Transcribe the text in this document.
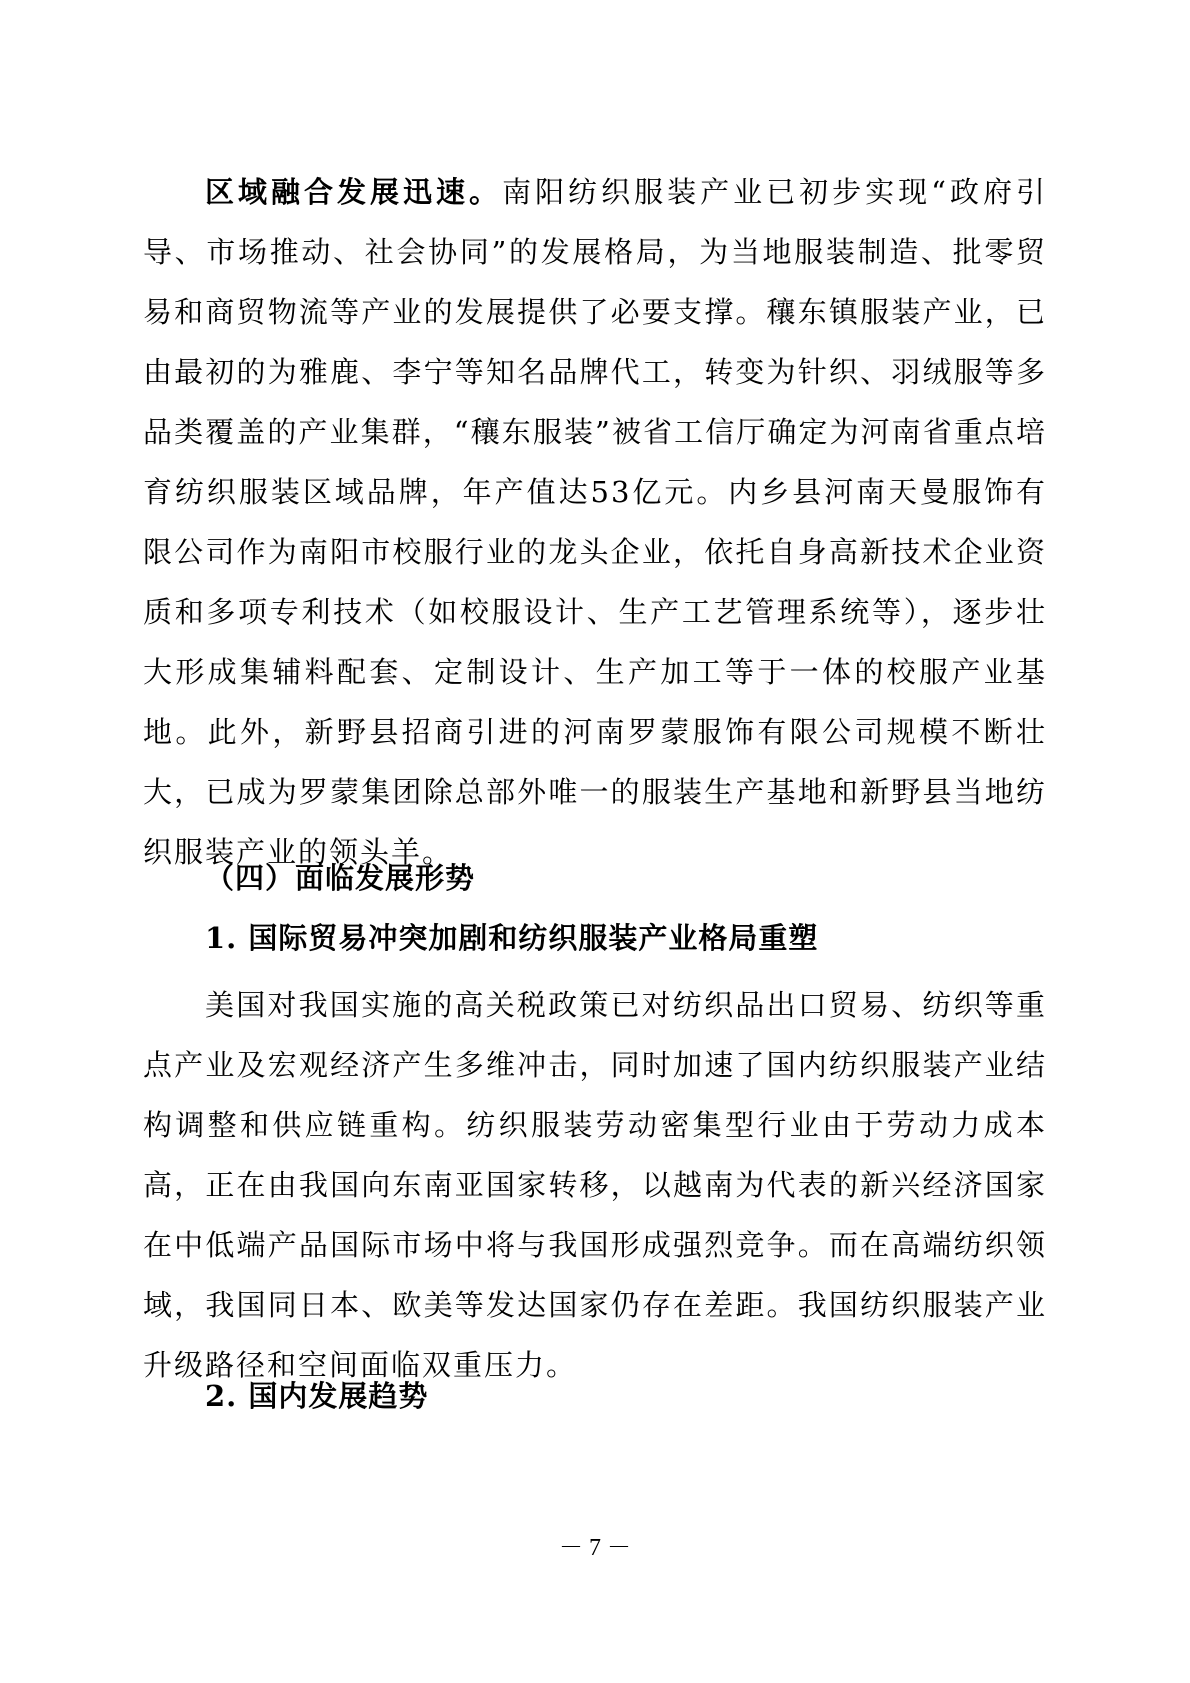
区域融合发展迅速。南阳纺织服装产业已初步实现“政府引导、市场推动、社会协同”的发展格局，为当地服装制造、批零贸易和商贸物流等产业的发展提供了必要支撑。穰东镇服装产业，已由最初的为雅鹿、李宁等知名品牌代工，转变为针织、羽绒服等多品类覆盖的产业集群，“穰东服装”被省工信厅确定为河南省重点培育纺织服装区域品牌，年产值达53亿元。内乡县河南天曼服饰有限公司作为南阳市校服行业的龙头企业，依托自身高新技术企业资质和多项专利技术（如校服设计、生产工艺管理系统等），逐步壮大形成集辅料配套、定制设计、生产加工等于一体的校服产业基地。此外，新野县招商引进的河南罗蒙服饰有限公司规模不断壮大，已成为罗蒙集团除总部外唯一的服装生产基地和新野县当地纺织服装产业的领头羊。

（四）面临发展形势

1. 国际贸易冲突加剧和纺织服装产业格局重塑

美国对我国实施的高关税政策已对纺织品出口贸易、纺织等重点产业及宏观经济产生多维冲击，同时加速了国内纺织服装产业结构调整和供应链重构。纺织服装劳动密集型行业由于劳动力成本高，正在由我国向东南亚国家转移，以越南为代表的新兴经济国家在中低端产品国际市场中将与我国形成强烈竞争。而在高端纺织领域，我国同日本、欧美等发达国家仍存在差距。我国纺织服装产业升级路径和空间面临双重压力。

2. 国内发展趋势

－ 7 －
